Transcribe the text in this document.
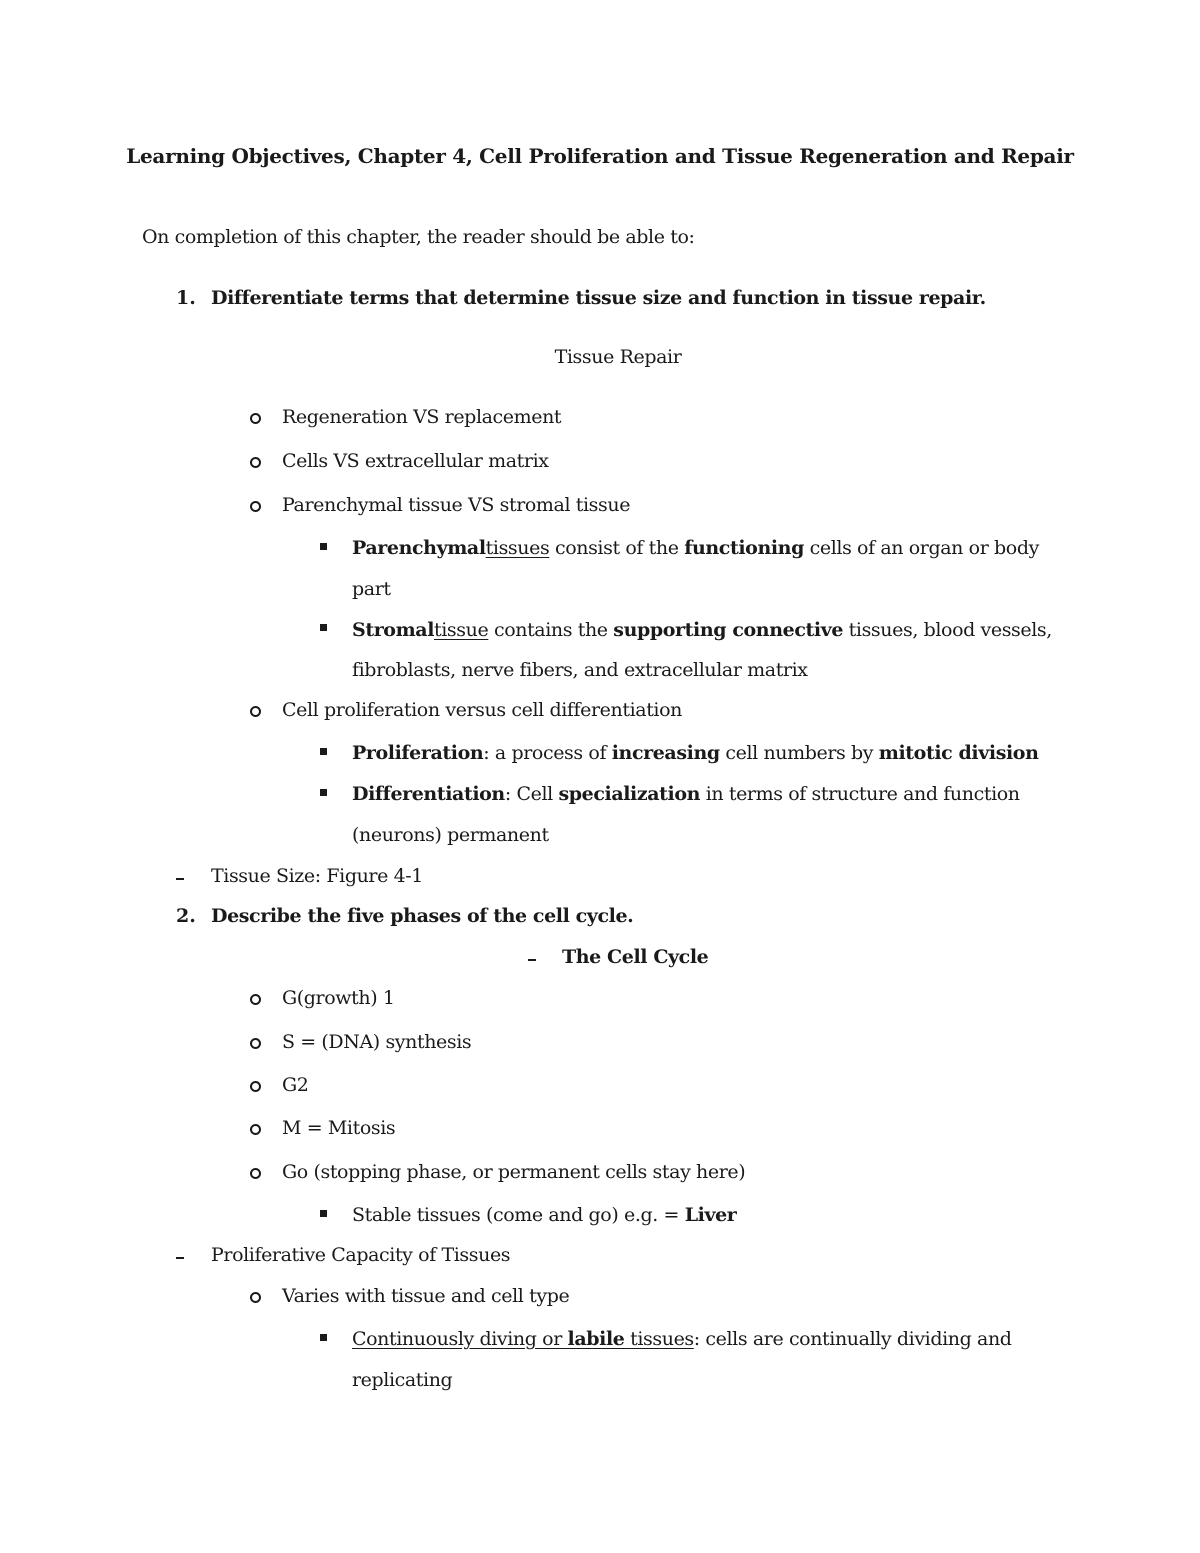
Learning Objectives, Chapter 4, Cell Proliferation and Tissue Regeneration and Repair
On completion of this chapter, the reader should be able to:
1. Differentiate terms that determine tissue size and function in tissue repair.
Tissue Repair
Regeneration VS replacement
Cells VS extracellular matrix
Parenchymal tissue VS stromal tissue
Parenchymaltissues consist of the functioning cells of an organ or body
part
Stromaltissue contains the supporting connective tissues, blood vessels,
fibroblasts, nerve fibers, and extracellular matrix
Cell proliferation versus cell differentiation
Proliferation: a process of increasing cell numbers by mitotic division
Differentiation: Cell specialization in terms of structure and function
(neurons) permanent
Tissue Size: Figure 4-1
2. Describe the five phases of the cell cycle.
The Cell Cycle
G(growth) 1
S = (DNA) synthesis
G2
M = Mitosis
Go (stopping phase, or permanent cells stay here)
Stable tissues (come and go) e.g. = Liver
Proliferative Capacity of Tissues
Varies with tissue and cell type
Continuously diving or labile tissues: cells are continually dividing and
replicating
